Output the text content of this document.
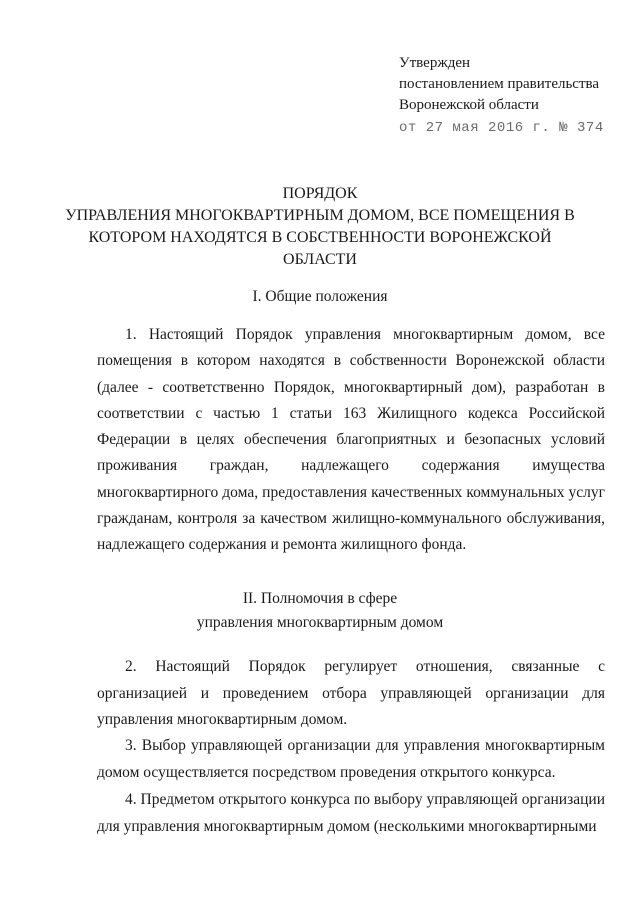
Утвержден
постановлением правительства
Воронежской области
от 27 мая 2016 г. № 374
ПОРЯДОК
УПРАВЛЕНИЯ МНОГОКВАРТИРНЫМ ДОМОМ, ВСЕ ПОМЕЩЕНИЯ В
КОТОРОМ НАХОДЯТСЯ В СОБСТВЕННОСТИ ВОРОНЕЖСКОЙ
ОБЛАСТИ
I. Общие положения
1. Настоящий Порядок управления многоквартирным домом, все помещения в котором находятся в собственности Воронежской области (далее - соответственно Порядок, многоквартирный дом), разработан в соответствии с частью 1 статьи 163 Жилищного кодекса Российской Федерации в целях обеспечения благоприятных и безопасных условий проживания граждан, надлежащего содержания имущества многоквартирного дома, предоставления качественных коммунальных услуг гражданам, контроля за качеством жилищно-коммунального обслуживания, надлежащего содержания и ремонта жилищного фонда.
II. Полномочия в сфере
управления многоквартирным домом
2. Настоящий Порядок регулирует отношения, связанные с организацией и проведением отбора управляющей организации для управления многоквартирным домом.
3. Выбор управляющей организации для управления многоквартирным домом осуществляется посредством проведения открытого конкурса.
4. Предметом открытого конкурса по выбору управляющей организации для управления многоквартирным домом (несколькими многоквартирными
